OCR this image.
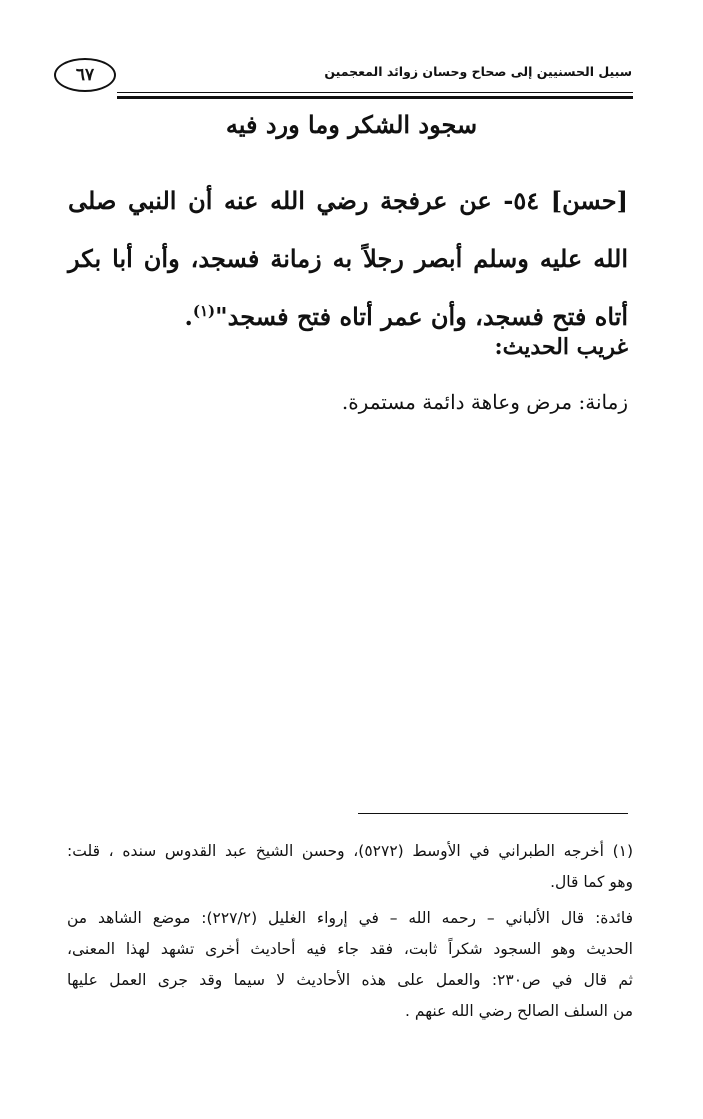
٦٧	سبيل الحسنيين إلى صحاح وحسان زوائد المعجمين
سجود الشكر وما ورد فيه
[حسن] ٥٤- عن عرفجة رضي الله عنه أن النبي صلى الله عليه وسلم أبصر رجلاً به زمانة فسجد، وأن أبا بكر أتاه فتح فسجد، وأن عمر أتاه فتح فسجد"$^{(١)}$.
غريب الحديث:
زمانة: مرض وعاهة دائمة مستمرة.
(١) أخرجه الطبراني في الأوسط (٥٢٧٢)، وحسن الشيخ عبد القدوس سنده ، قلت:
وهو كما قال.
فائدة: قال الألباني – رحمه الله – في إرواء الغليل (٢٢٧/٢): موضع الشاهد من
الحديث وهو السجود شكراً ثابت، فقد جاء فيه أحاديث أخرى تشهد لهذا المعنى،
ثم قال في ص٢٣٠: والعمل على هذه الأحاديث لا سيما وقد جرى العمل عليها
من السلف الصالح رضي الله عنهم .
